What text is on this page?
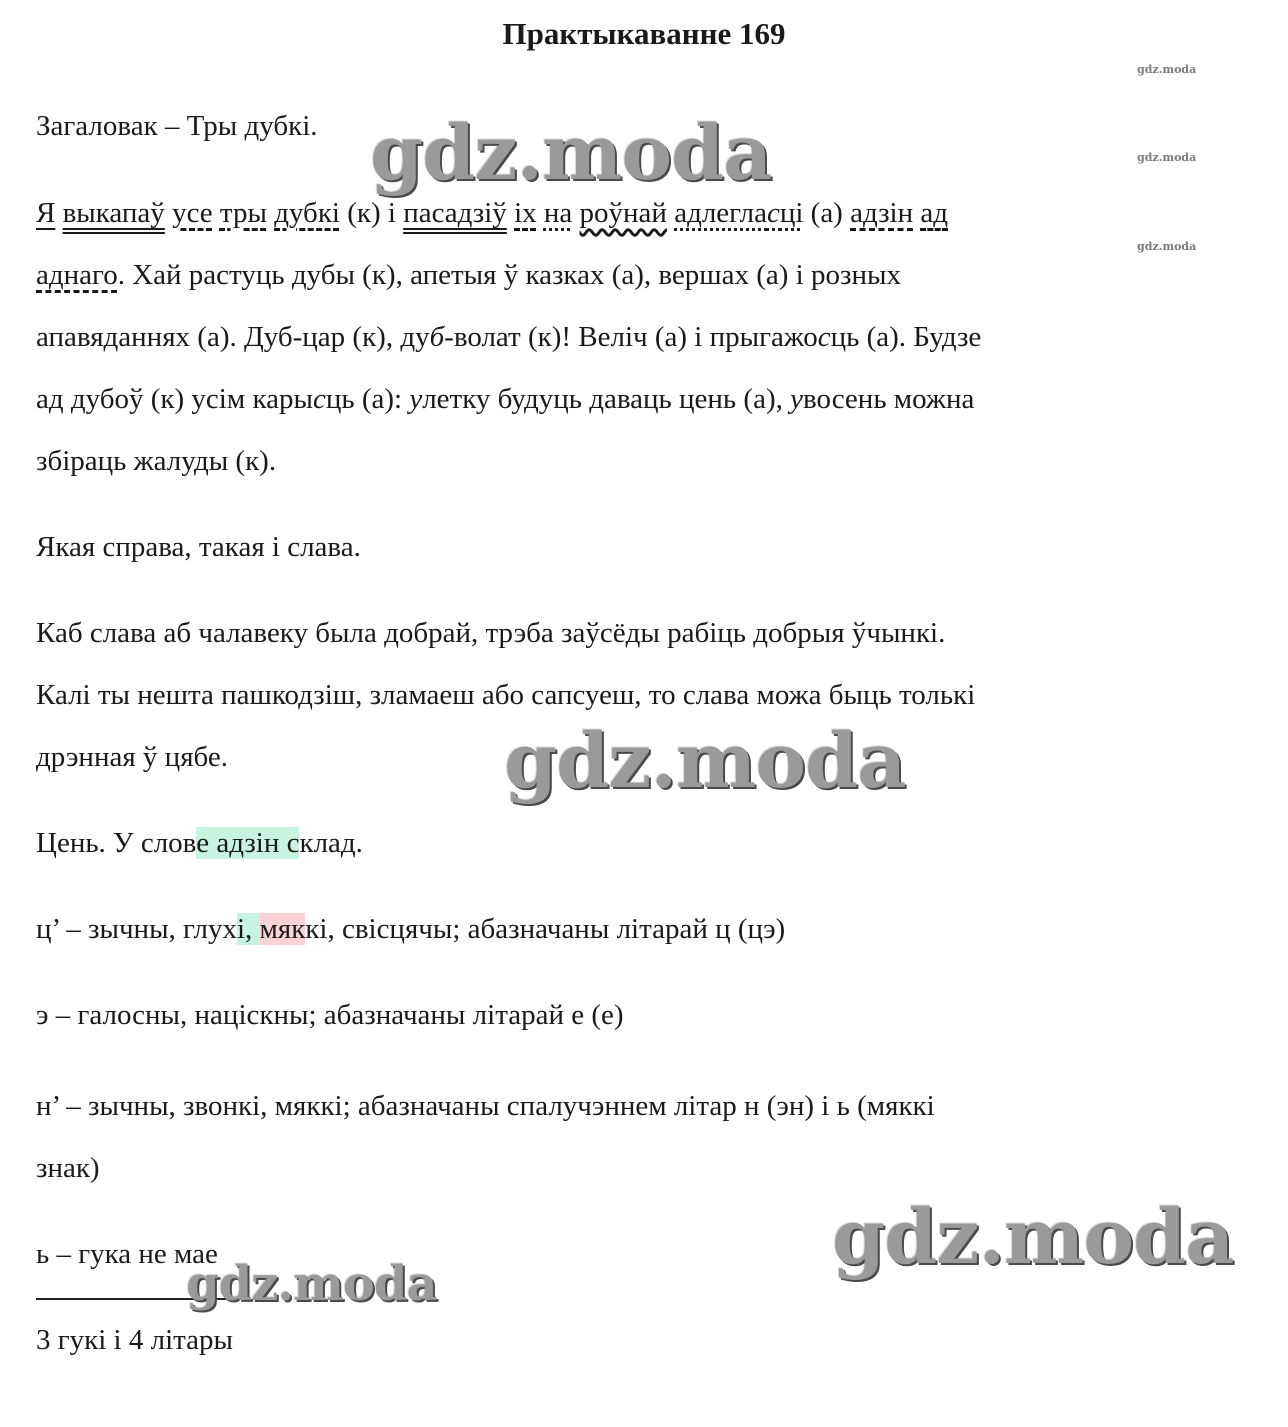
Практыкаванне 169
gdz.moda
gdz.moda
gdz.moda
Загаловак – Тры дубкі.
Я выкапаў усе тры дубкі (к) і пасадзіў іх на роўнай адлегласці (а) адзін ад
аднаго. Хай растуць дубы (к), апетыя ў казках (а), вершах (а) і розных
апавяданнях (а). Дуб-цар (к), дуб-волат (к)! Веліч (а) і прыгажосць (а). Будзе
ад дубоў (к) усім карысць (а): улетку будуць даваць цень (а), увосень можна
збіраць жалуды (к).
Якая справа, такая і слава.
Каб слава аб чалавеку была добрай, трэба заўсёды рабіць добрыя ўчынкі.
Калі ты нешта пашкодзіш, зламаеш або сапсуеш, то слава можа быць толькі
дрэнная ў цябе.
Цень. У слове адзін склад.
ц’ – зычны, глухі, мяккі, свісцячы; абазначаны літарай ц (цэ)
э – галосны, націскны; абазначаны літарай е (е)
н’ – зычны, звонкі, мяккі; абазначаны спалучэннем літар н (эн) і ь (мяккі
знак)
ь – гука не мае
3 гукі і 4 літары
gdz.moda
gdz.moda
gdz.moda
gdz.moda
